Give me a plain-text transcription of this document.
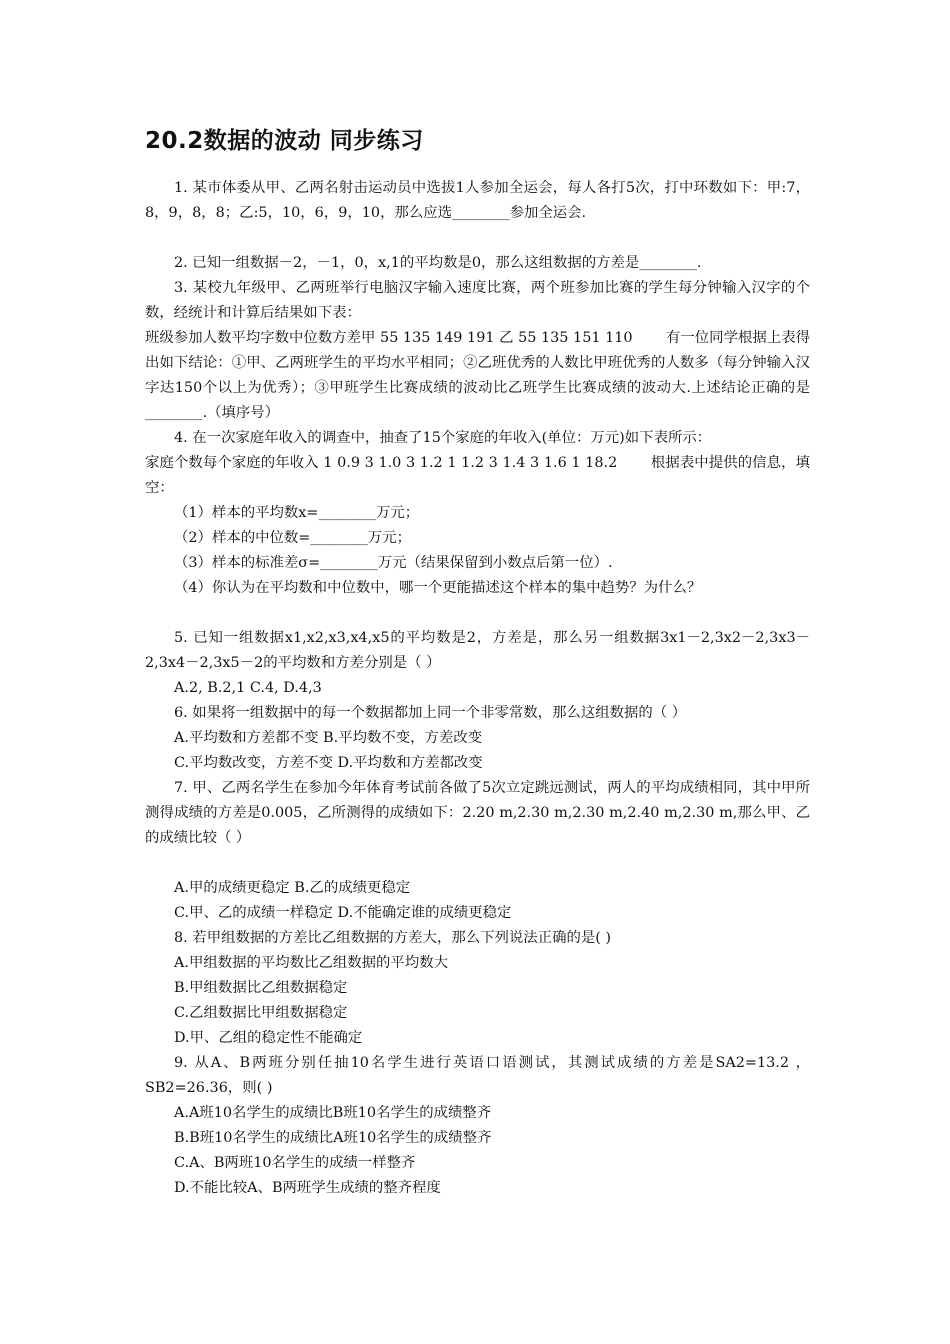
20.2数据的波动 同步练习

1. 某市体委从甲、乙两名射击运动员中选拔1人参加全运会，每人各打5次，打中环数如下：甲:7，8，9，8，8；乙:5，10，6，9，10，那么应选________参加全运会.

2. 已知一组数据－2，－1，0，x,1的平均数是0，那么这组数据的方差是________.

3. 某校九年级甲、乙两班举行电脑汉字输入速度比赛，两个班参加比赛的学生每分钟输入汉字的个数，经统计和计算后结果如下表：

班级参加人数平均字数中位数方差甲 55 135 149 191 乙 55 135 151 110　　 有一位同学根据上表得出如下结论：①甲、乙两班学生的平均水平相同；②乙班优秀的人数比甲班优秀的人数多（每分钟输入汉字达150个以上为优秀）；③甲班学生比赛成绩的波动比乙班学生比赛成绩的波动大.上述结论正确的是________.（填序号）

4. 在一次家庭年收入的调查中，抽查了15个家庭的年收入(单位：万元)如下表所示：

家庭个数每个家庭的年收入 1 0.9 3 1.0 3 1.2 1 1.2 3 1.4 3 1.6 1 18.2　　 根据表中提供的信息，填空：

（1）样本的平均数x=________万元；

（2）样本的中位数=________万元；

（3）样本的标准差σ=________万元（结果保留到小数点后第一位）.

（4）你认为在平均数和中位数中，哪一个更能描述这个样本的集中趋势？为什么？

5. 已知一组数据x1,x2,x3,x4,x5的平均数是2，方差是，那么另一组数据3x1－2,3x2－2,3x3－2,3x4－2,3x5－2的平均数和方差分别是（ ）

A.2, B.2,1 C.4, D.4,3

6. 如果将一组数据中的每一个数据都加上同一个非零常数，那么这组数据的（ ）

A.平均数和方差都不变 B.平均数不变，方差改变

C.平均数改变，方差不变 D.平均数和方差都改变

7. 甲、乙两名学生在参加今年体育考试前各做了5次立定跳远测试，两人的平均成绩相同，其中甲所测得成绩的方差是0.005，乙所测得的成绩如下：2.20 m,2.30 m,2.30 m,2.40 m,2.30 m,那么甲、乙的成绩比较（ ）

A.甲的成绩更稳定 B.乙的成绩更稳定

C.甲、乙的成绩一样稳定 D.不能确定谁的成绩更稳定

8. 若甲组数据的方差比乙组数据的方差大，那么下列说法正确的是( )

A.甲组数据的平均数比乙组数据的平均数大

B.甲组数据比乙组数据稳定

C.乙组数据比甲组数据稳定

D.甲、乙组的稳定性不能确定

9. 从A、B两班分别任抽10名学生进行英语口语测试，其测试成绩的方差是SA2=13.2 ，SB2=26.36，则( )

A.A班10名学生的成绩比B班10名学生的成绩整齐

B.B班10名学生的成绩比A班10名学生的成绩整齐

C.A、B两班10名学生的成绩一样整齐

D.不能比较A、B两班学生成绩的整齐程度
